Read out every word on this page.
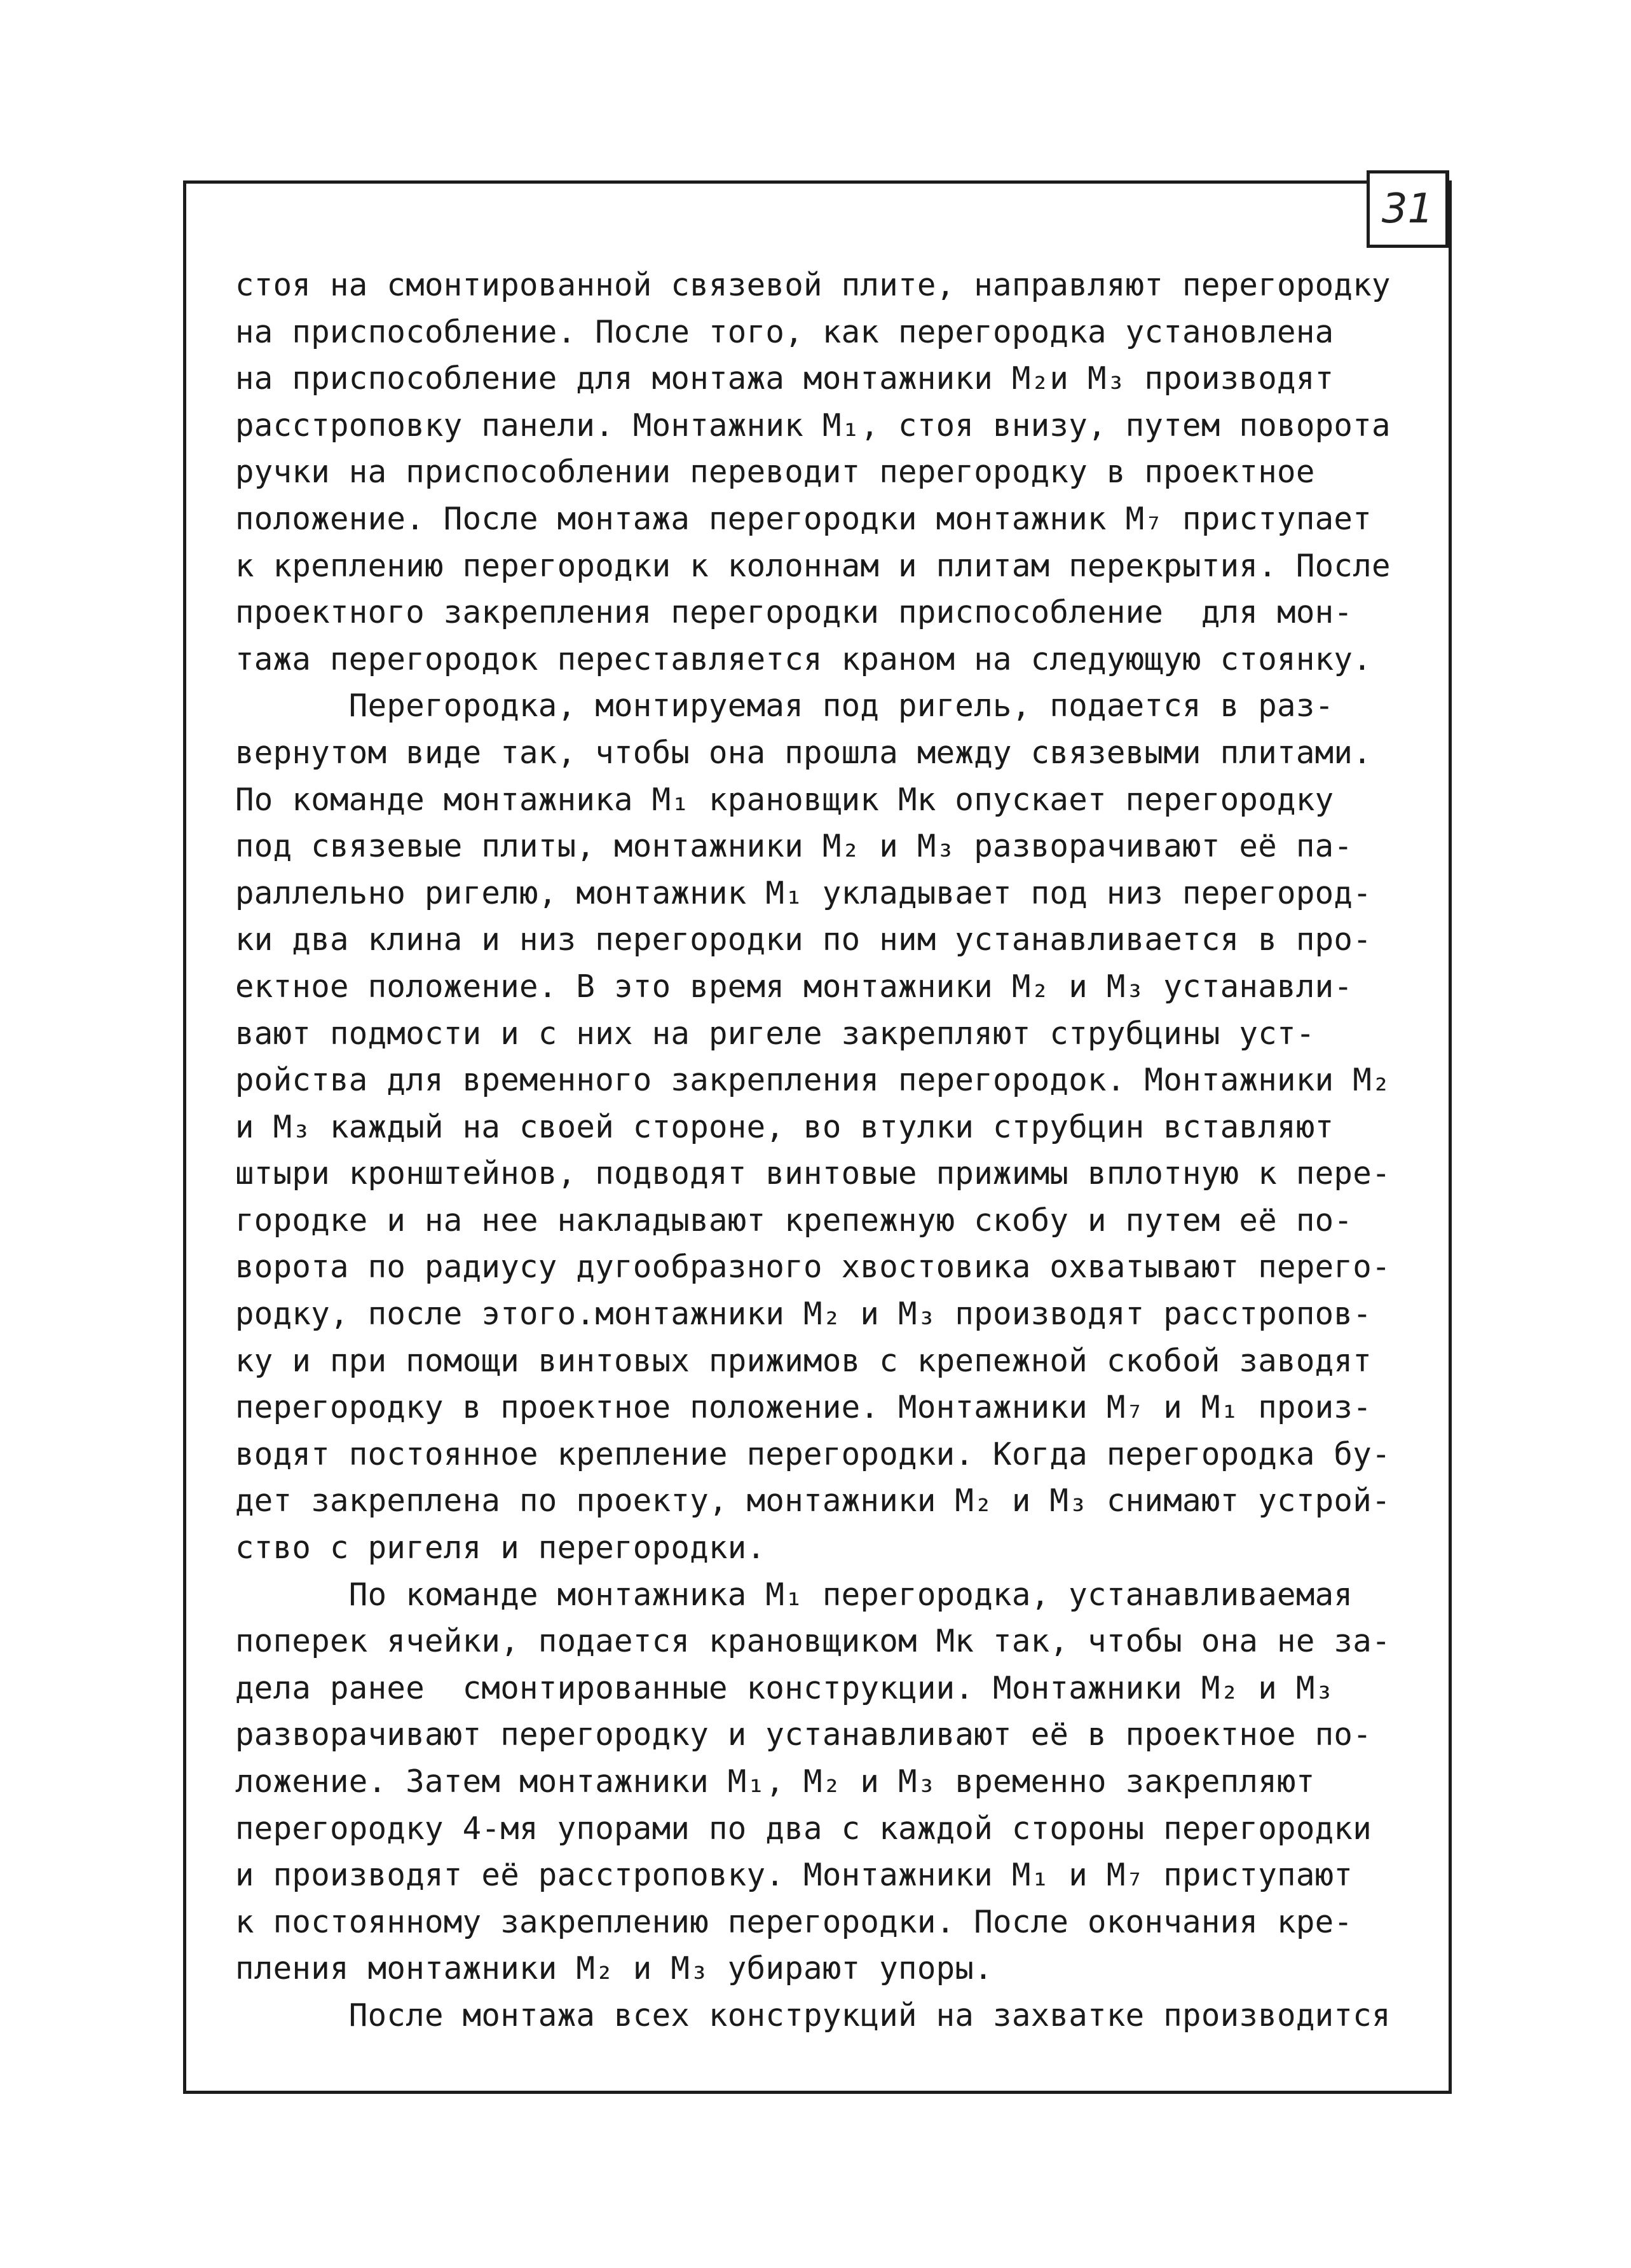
31
стоя на смонтированной связевой плите, направляют перегородку
на приспособление. После того, как перегородка установлена
на приспособление для монтажа монтажники М₂и М₃ производят
расстроповку панели. Монтажник М₁, стоя внизу, путем поворота
ручки на приспособлении переводит перегородку в проектное
положение. После монтажа перегородки монтажник М₇ приступает
к креплению перегородки к колоннам и плитам перекрытия. После
проектного закрепления перегородки приспособление  для мон-
тажа перегородок переставляется краном на следующую стоянку.
Перегородка, монтируемая под ригель, подается в раз-
вернутом виде так, чтобы она прошла между связевыми плитами.
По команде монтажника М₁ крановщик Мк опускает перегородку
под связевые плиты, монтажники М₂ и М₃ разворачивают её па-
раллельно ригелю, монтажник М₁ укладывает под низ перегород-
ки два клина и низ перегородки по ним устанавливается в про-
ектное положение. В это время монтажники М₂ и М₃ устанавли-
вают подмости и с них на ригеле закрепляют струбцины уст-
ройства для временного закрепления перегородок. Монтажники М₂
и М₃ каждый на своей стороне, во втулки струбцин вставляют
штыри кронштейнов, подводят винтовые прижимы вплотную к пере-
городке и на нее накладывают крепежную скобу и путем её по-
ворота по радиусу дугообразного хвостовика охватывают перего-
родку, после этого.монтажники М₂ и М₃ производят расстропов-
ку и при помощи винтовых прижимов с крепежной скобой заводят
перегородку в проектное положение. Монтажники М₇ и М₁ произ-
водят постоянное крепление перегородки. Когда перегородка бу-
дет закреплена по проекту, монтажники М₂ и М₃ снимают устрой-
ство с ригеля и перегородки.
По команде монтажника М₁ перегородка, устанавливаемая
поперек ячейки, подается крановщиком Мк так, чтобы она не за-
дела ранее  смонтированные конструкции. Монтажники М₂ и М₃
разворачивают перегородку и устанавливают её в проектное по-
ложение. Затем монтажники М₁, М₂ и М₃ временно закрепляют
перегородку 4-мя упорами по два с каждой стороны перегородки
и производят её расстроповку. Монтажники М₁ и М₇ приступают
к постоянному закреплению перегородки. После окончания кре-
пления монтажники М₂ и М₃ убирают упоры.
После монтажа всех конструкций на захватке производится
